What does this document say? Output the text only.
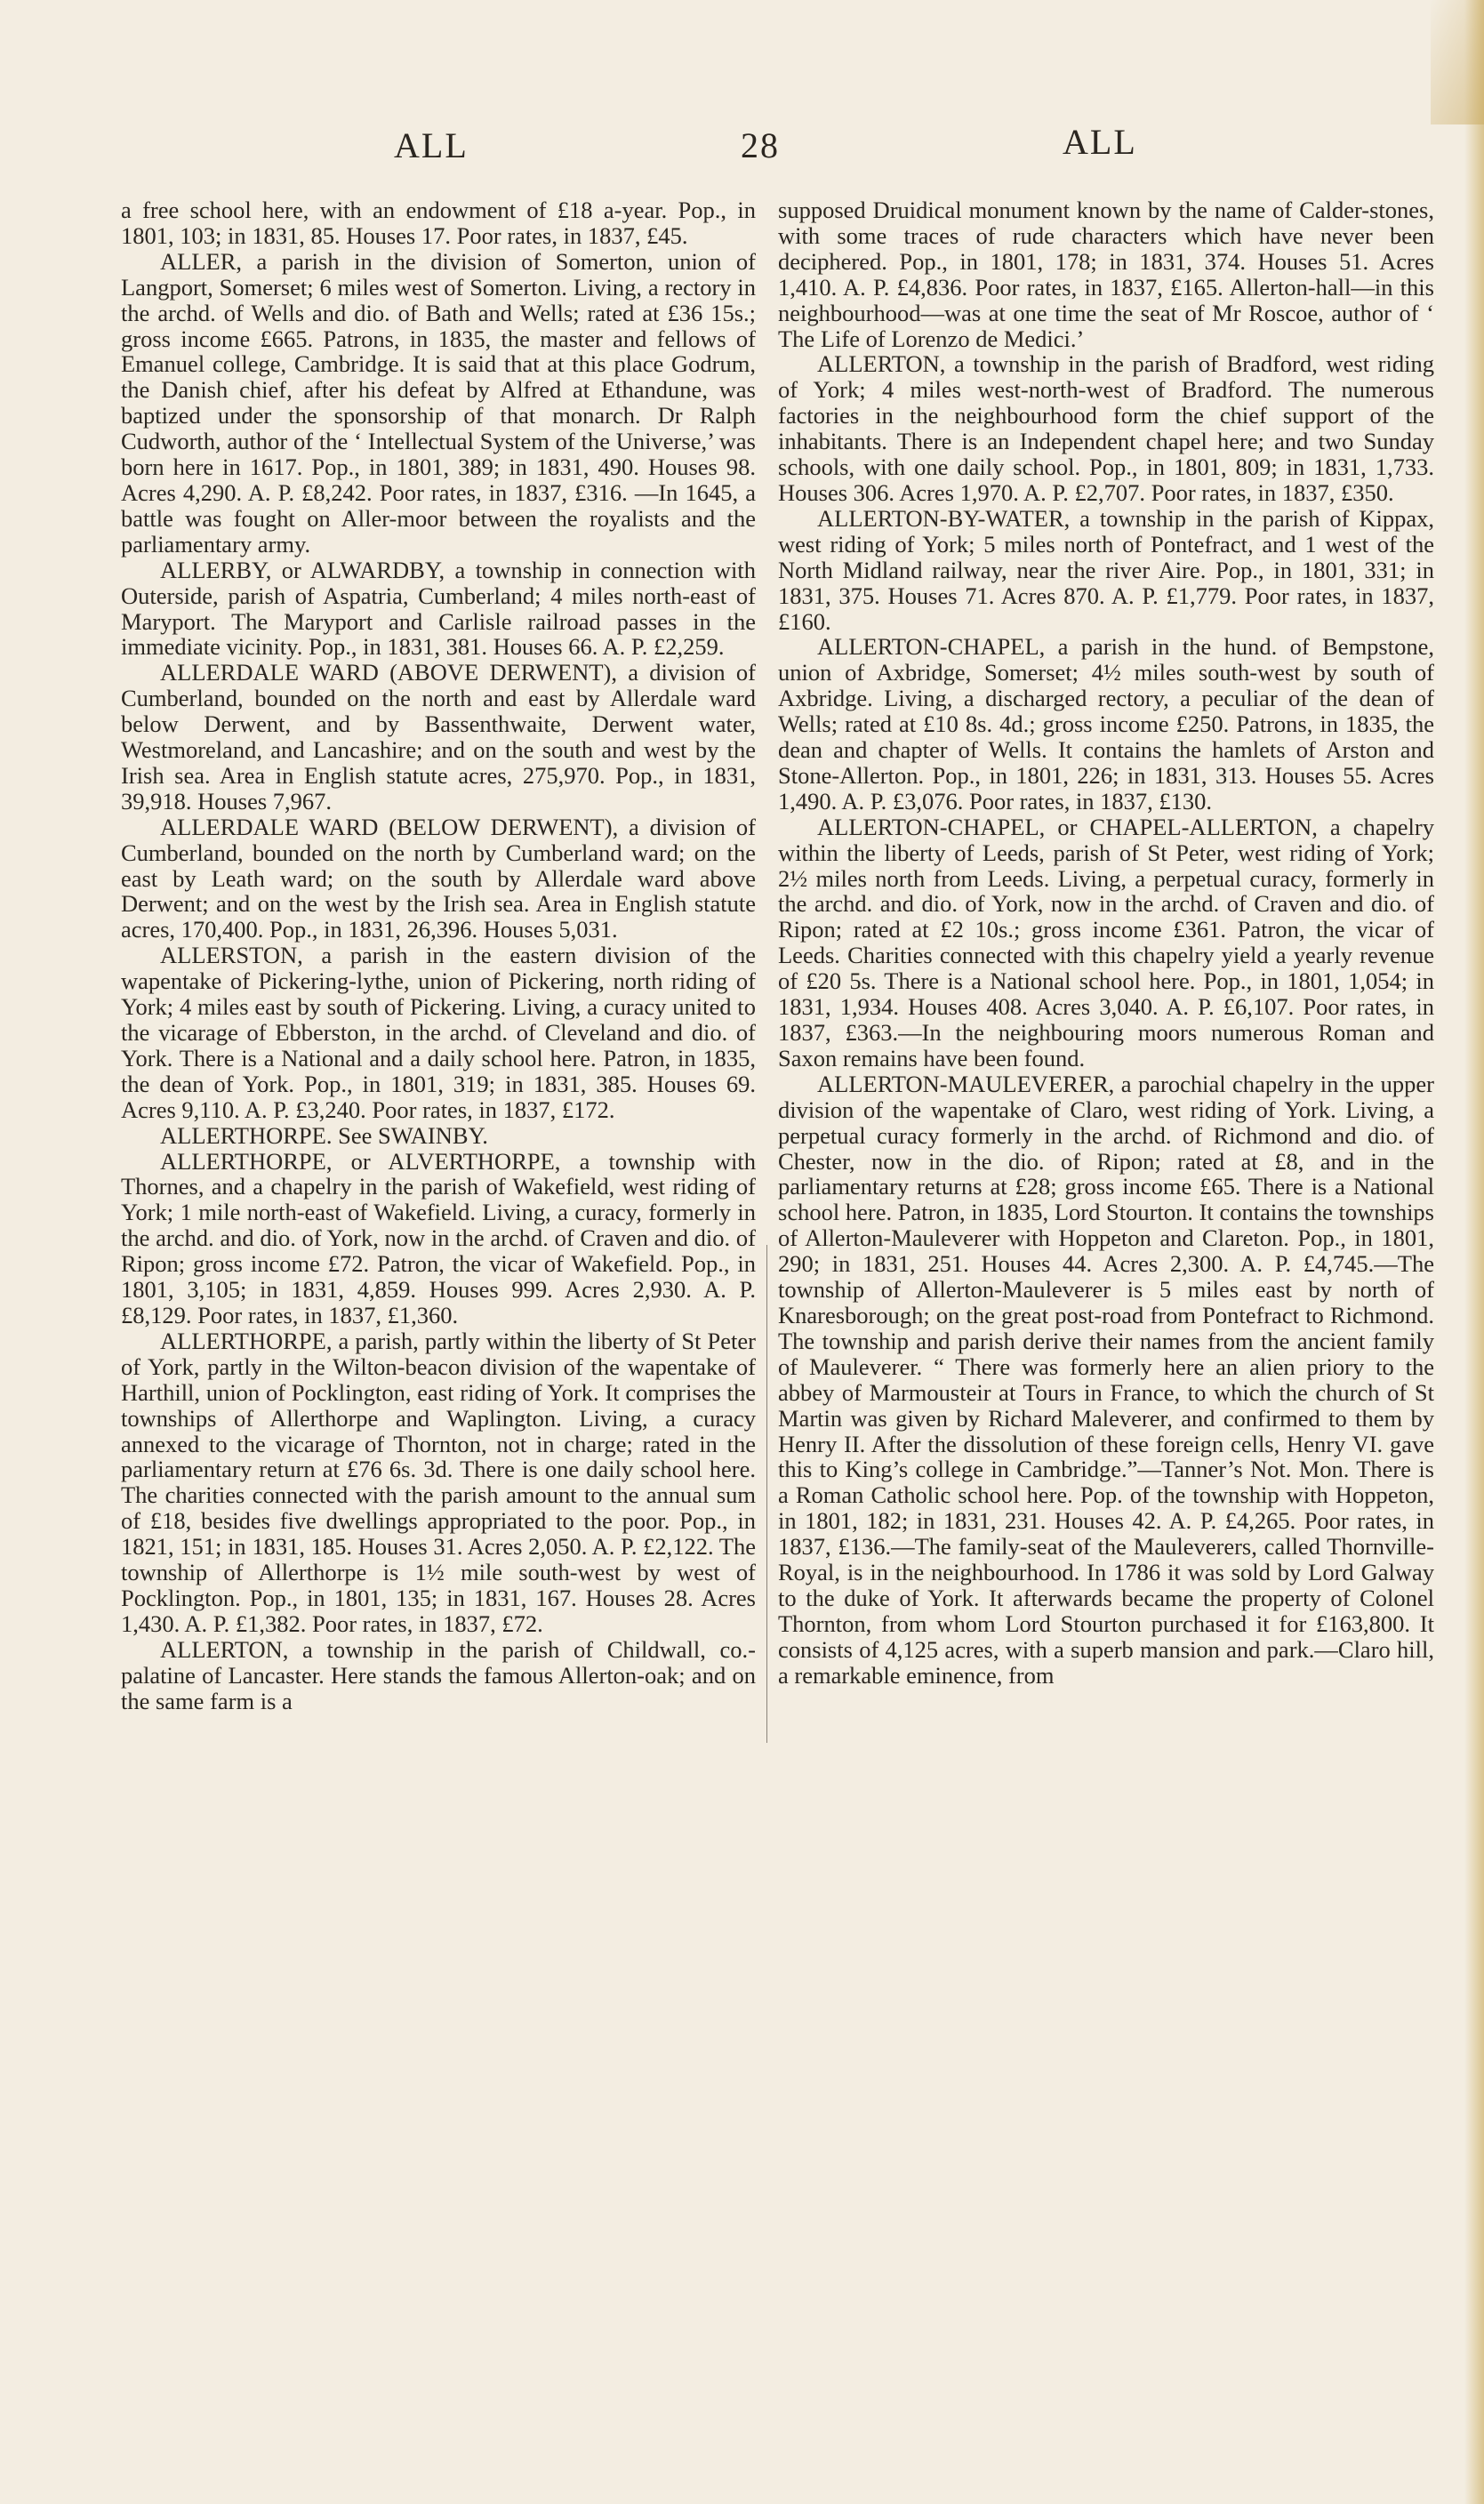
ALL	28	ALL

a free school here, with an endowment of £18 a-year. Pop., in 1801, 103; in 1831, 85. Houses 17. Poor rates, in 1837, £45.

ALLER, a parish in the division of Somerton, union of Langport, Somerset; 6 miles west of Somerton. Living, a rectory in the archd. of Wells and dio. of Bath and Wells; rated at £36 15s.; gross income £665. Patrons, in 1835, the master and fellows of Emanuel college, Cambridge. It is said that at this place Godrum, the Danish chief, after his defeat by Alfred at Ethandune, was baptized under the sponsorship of that monarch. Dr Ralph Cudworth, author of the ‘ Intellectual System of the Universe,’ was born here in 1617. Pop., in 1801, 389; in 1831, 490. Houses 98. Acres 4,290. A. P. £8,242. Poor rates, in 1837, £316. —In 1645, a battle was fought on Aller-moor between the royalists and the parliamentary army.

ALLERBY, or ALWARDBY, a township in connection with Outerside, parish of Aspatria, Cumberland; 4 miles north-east of Maryport. The Maryport and Carlisle railroad passes in the immediate vicinity. Pop., in 1831, 381. Houses 66. A. P. £2,259.

ALLERDALE WARD (ABOVE DERWENT), a division of Cumberland, bounded on the north and east by Allerdale ward below Derwent, and by Bassenthwaite, Derwent water, Westmoreland, and Lancashire; and on the south and west by the Irish sea. Area in English statute acres, 275,970. Pop., in 1831, 39,918. Houses 7,967.

ALLERDALE WARD (BELOW DERWENT), a division of Cumberland, bounded on the north by Cumberland ward; on the east by Leath ward; on the south by Allerdale ward above Derwent; and on the west by the Irish sea. Area in English statute acres, 170,400. Pop., in 1831, 26,396. Houses 5,031.

ALLERSTON, a parish in the eastern division of the wapentake of Pickering-lythe, union of Pickering, north riding of York; 4 miles east by south of Pickering. Living, a curacy united to the vicarage of Ebberston, in the archd. of Cleveland and dio. of York. There is a National and a daily school here. Patron, in 1835, the dean of York. Pop., in 1801, 319; in 1831, 385. Houses 69. Acres 9,110. A. P. £3,240. Poor rates, in 1837, £172.

ALLERTHORPE. See SWAINBY.

ALLERTHORPE, or ALVERTHORPE, a township with Thornes, and a chapelry in the parish of Wakefield, west riding of York; 1 mile north-east of Wakefield. Living, a curacy, formerly in the archd. and dio. of York, now in the archd. of Craven and dio. of Ripon; gross income £72. Patron, the vicar of Wakefield. Pop., in 1801, 3,105; in 1831, 4,859. Houses 999. Acres 2,930. A. P. £8,129. Poor rates, in 1837, £1,360.

ALLERTHORPE, a parish, partly within the liberty of St Peter of York, partly in the Wilton-beacon division of the wapentake of Harthill, union of Pocklington, east riding of York. It comprises the townships of Allerthorpe and Waplington. Living, a curacy annexed to the vicarage of Thornton, not in charge; rated in the parliamentary return at £76 6s. 3d. There is one daily school here. The charities connected with the parish amount to the annual sum of £18, besides five dwellings appropriated to the poor. Pop., in 1821, 151; in 1831, 185. Houses 31. Acres 2,050. A. P. £2,122. The township of Allerthorpe is 1½ mile south-west by west of Pocklington. Pop., in 1801, 135; in 1831, 167. Houses 28. Acres 1,430. A. P. £1,382. Poor rates, in 1837, £72.

ALLERTON, a township in the parish of Childwall, co.-palatine of Lancaster. Here stands the famous Allerton-oak; and on the same farm is a

supposed Druidical monument known by the name of Calder-stones, with some traces of rude characters which have never been deciphered. Pop., in 1801, 178; in 1831, 374. Houses 51. Acres 1,410. A. P. £4,836. Poor rates, in 1837, £165. Allerton-hall—in this neighbourhood—was at one time the seat of Mr Roscoe, author of ‘ The Life of Lorenzo de Medici.’

ALLERTON, a township in the parish of Bradford, west riding of York; 4 miles west-north-west of Bradford. The numerous factories in the neighbourhood form the chief support of the inhabitants. There is an Independent chapel here; and two Sunday schools, with one daily school. Pop., in 1801, 809; in 1831, 1,733. Houses 306. Acres 1,970. A. P. £2,707. Poor rates, in 1837, £350.

ALLERTON-BY-WATER, a township in the parish of Kippax, west riding of York; 5 miles north of Pontefract, and 1 west of the North Midland railway, near the river Aire. Pop., in 1801, 331; in 1831, 375. Houses 71. Acres 870. A. P. £1,779. Poor rates, in 1837, £160.

ALLERTON-CHAPEL, a parish in the hund. of Bempstone, union of Axbridge, Somerset; 4½ miles south-west by south of Axbridge. Living, a discharged rectory, a peculiar of the dean of Wells; rated at £10 8s. 4d.; gross income £250. Patrons, in 1835, the dean and chapter of Wells. It contains the hamlets of Arston and Stone-Allerton. Pop., in 1801, 226; in 1831, 313. Houses 55. Acres 1,490. A. P. £3,076. Poor rates, in 1837, £130.

ALLERTON-CHAPEL, or CHAPEL-ALLERTON, a chapelry within the liberty of Leeds, parish of St Peter, west riding of York; 2½ miles north from Leeds. Living, a perpetual curacy, formerly in the archd. and dio. of York, now in the archd. of Craven and dio. of Ripon; rated at £2 10s.; gross income £361. Patron, the vicar of Leeds. Charities connected with this chapelry yield a yearly revenue of £20 5s. There is a National school here. Pop., in 1801, 1,054; in 1831, 1,934. Houses 408. Acres 3,040. A. P. £6,107. Poor rates, in 1837, £363.—In the neighbouring moors numerous Roman and Saxon remains have been found.

ALLERTON-MAULEVERER, a parochial chapelry in the upper division of the wapentake of Claro, west riding of York. Living, a perpetual curacy formerly in the archd. of Richmond and dio. of Chester, now in the dio. of Ripon; rated at £8, and in the parliamentary returns at £28; gross income £65. There is a National school here. Patron, in 1835, Lord Stourton. It contains the townships of Allerton-Mauleverer with Hoppeton and Clareton. Pop., in 1801, 290; in 1831, 251. Houses 44. Acres 2,300. A. P. £4,745.—The township of Allerton-Mauleverer is 5 miles east by north of Knaresborough; on the great post-road from Pontefract to Richmond. The township and parish derive their names from the ancient family of Mauleverer. “ There was formerly here an alien priory to the abbey of Marmousteir at Tours in France, to which the church of St Martin was given by Richard Maleverer, and confirmed to them by Henry II. After the dissolution of these foreign cells, Henry VI. gave this to King’s college in Cambridge.”—Tanner’s Not. Mon. There is a Roman Catholic school here. Pop. of the township with Hoppeton, in 1801, 182; in 1831, 231. Houses 42. A. P. £4,265. Poor rates, in 1837, £136.—The family-seat of the Mauleverers, called Thornville-Royal, is in the neighbourhood. In 1786 it was sold by Lord Galway to the duke of York. It afterwards became the property of Colonel Thornton, from whom Lord Stourton purchased it for £163,800. It consists of 4,125 acres, with a superb mansion and park.—Claro hill, a remarkable eminence, from
